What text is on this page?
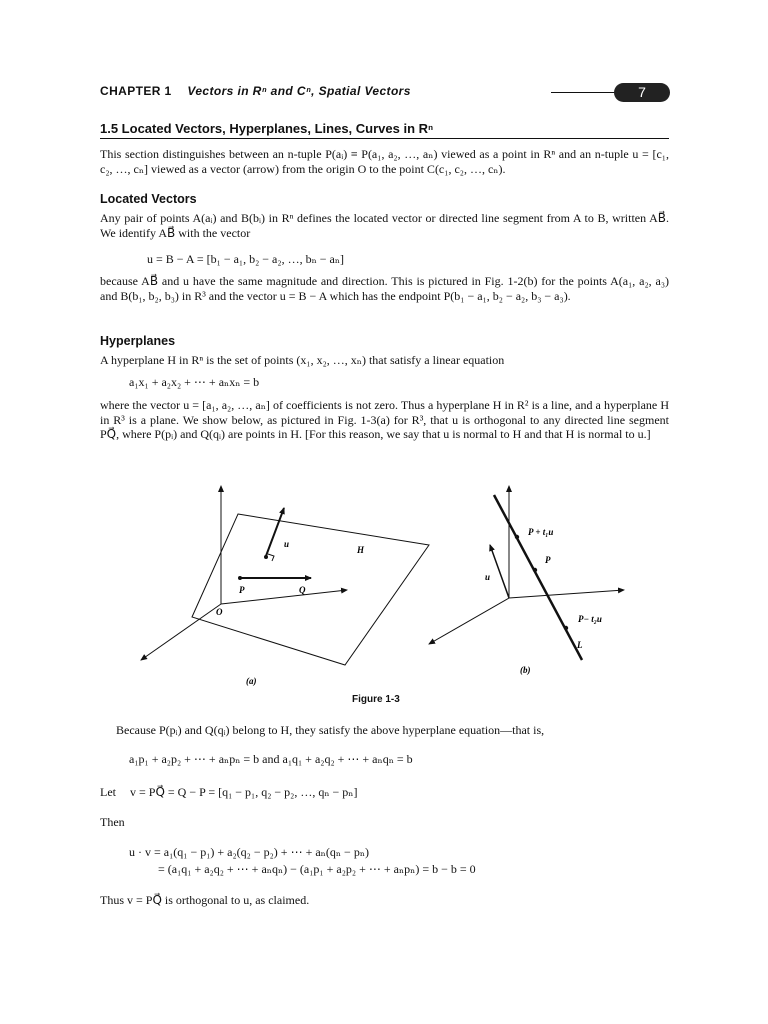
CHAPTER 1 Vectors in Rⁿ and Cⁿ, Spatial Vectors	7
1.5 Located Vectors, Hyperplanes, Lines, Curves in Rⁿ
This section distinguishes between an n-tuple P(aᵢ) ≡ P(a₁, a₂, …, aₙ) viewed as a point in Rⁿ and an n-tuple u = [c₁, c₂, …, cₙ] viewed as a vector (arrow) from the origin O to the point C(c₁, c₂, …, cₙ).
Located Vectors
Any pair of points A(aᵢ) and B(bᵢ) in Rⁿ defines the located vector or directed line segment from A to B, written AB⃗. We identify AB⃗ with the vector
u = B − A = [b₁ − a₁, b₂ − a₂, …, bₙ − aₙ]
because AB⃗ and u have the same magnitude and direction. This is pictured in Fig. 1-2(b) for the points A(a₁, a₂, a₃) and B(b₁, b₂, b₃) in R³ and the vector u = B − A which has the endpoint P(b₁ − a₁, b₂ − a₂, b₃ − a₃).
Hyperplanes
A hyperplane H in Rⁿ is the set of points (x₁, x₂, …, xₙ) that satisfy a linear equation
a₁x₁ + a₂x₂ + ⋯ + aₙxₙ = b
where the vector u = [a₁, a₂, …, aₙ] of coefficients is not zero. Thus a hyperplane H in R² is a line, and a hyperplane H in R³ is a plane. We show below, as pictured in Fig. 1-3(a) for R³, that u is orthogonal to any directed line segment PQ⃗, where P(pᵢ) and Q(qᵢ) are points in H. [For this reason, we say that u is normal to H and that H is normal to u.]
u
H
P	Q
O
(a)
P + t₁u
P
u
P− t₂u
L
(b)
Figure 1-3
Because P(pᵢ) and Q(qᵢ) belong to H, they satisfy the above hyperplane equation—that is,
a₁p₁ + a₂p₂ + ⋯ + aₙpₙ = b and a₁q₁ + a₂q₂ + ⋯ + aₙqₙ = b
Let v = PQ⃗ = Q − P = [q₁ − p₁, q₂ − p₂, …, qₙ − pₙ]
Then
u · v = a₁(q₁ − p₁) + a₂(q₂ − p₂) + ⋯ + aₙ(qₙ − pₙ)
= (a₁q₁ + a₂q₂ + ⋯ + aₙqₙ) − (a₁p₁ + a₂p₂ + ⋯ + aₙpₙ) = b − b = 0
Thus v = PQ⃗ is orthogonal to u, as claimed.
